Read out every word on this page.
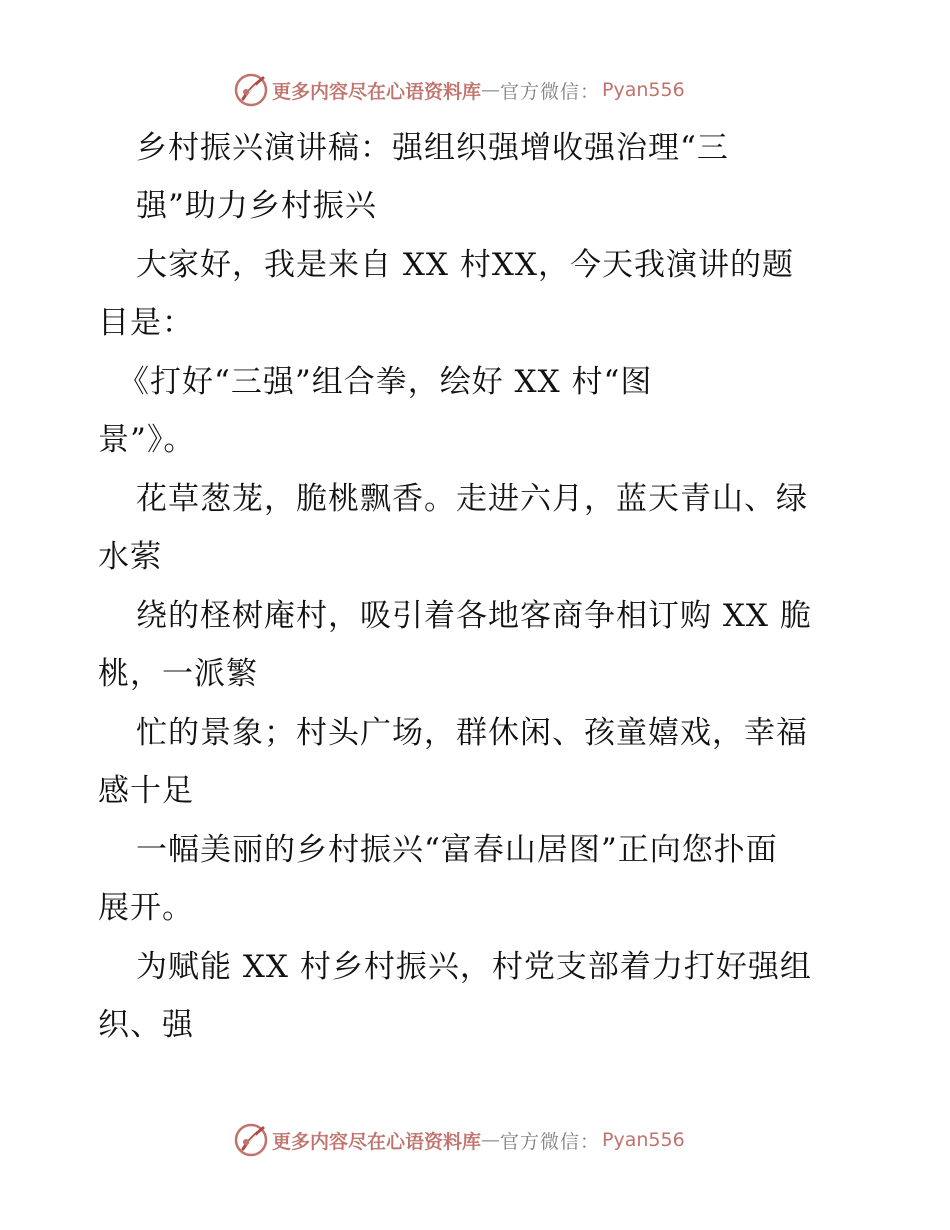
更多内容尽在心语资料库 — 官方微信： Pyan556
乡村振兴演讲稿：强组织强增收强治理“三
强”助力乡村振兴
大家好，我是来自 XX 村XX，今天我演讲的题
目是：
《打好“三强”组合拳，绘好 XX 村“图
景”》。
花草葱茏，脆桃飘香。走进六月，蓝天青山、绿
水萦
绕的柽树庵村，吸引着各地客商争相订购 XX 脆
桃，一派繁
忙的景象；村头广场，群休闲、孩童嬉戏，幸福
感十足
一幅美丽的乡村振兴“富春山居图”正向您扑面
展开。
为赋能 XX 村乡村振兴，村党支部着力打好强组
织、强
更多内容尽在心语资料库 — 官方微信： Pyan556
